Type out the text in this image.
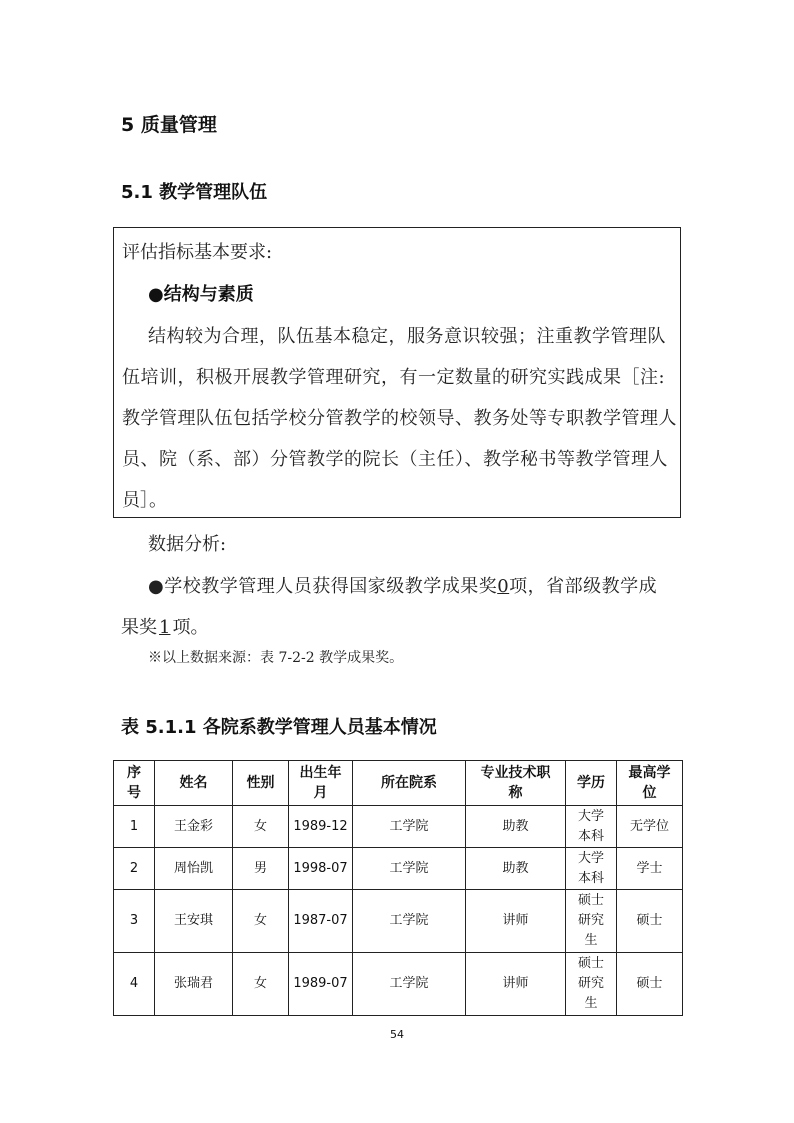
5 质量管理
5.1 教学管理队伍
评估指标基本要求:
●结构与素质
结构较为合理，队伍基本稳定，服务意识较强；注重教学管理队
伍培训，积极开展教学管理研究，有一定数量的研究实践成果［注:
教学管理队伍包括学校分管教学的校领导、教务处等专职教学管理人
员、院（系、部）分管教学的院长（主任）、教学秘书等教学管理人
员］。
数据分析:
●学校教学管理人员获得国家级教学成果奖0项，省部级教学成
果奖 1 项。
※以上数据来源：表 7-2-2 教学成果奖。
表 5.1.1 各院系教学管理人员基本情况
序号	姓名	性别	出生年月	所在院系	专业技术职称	学历	最高学位
1	王金彩	女	1989-12	工学院	助教	大学本科	无学位
2	周怡凯	男	1998-07	工学院	助教	大学本科	学士
3	王安琪	女	1987-07	工学院	讲师	硕士研究生	硕士
4	张瑞君	女	1989-07	工学院	讲师	硕士研究生	硕士
54
